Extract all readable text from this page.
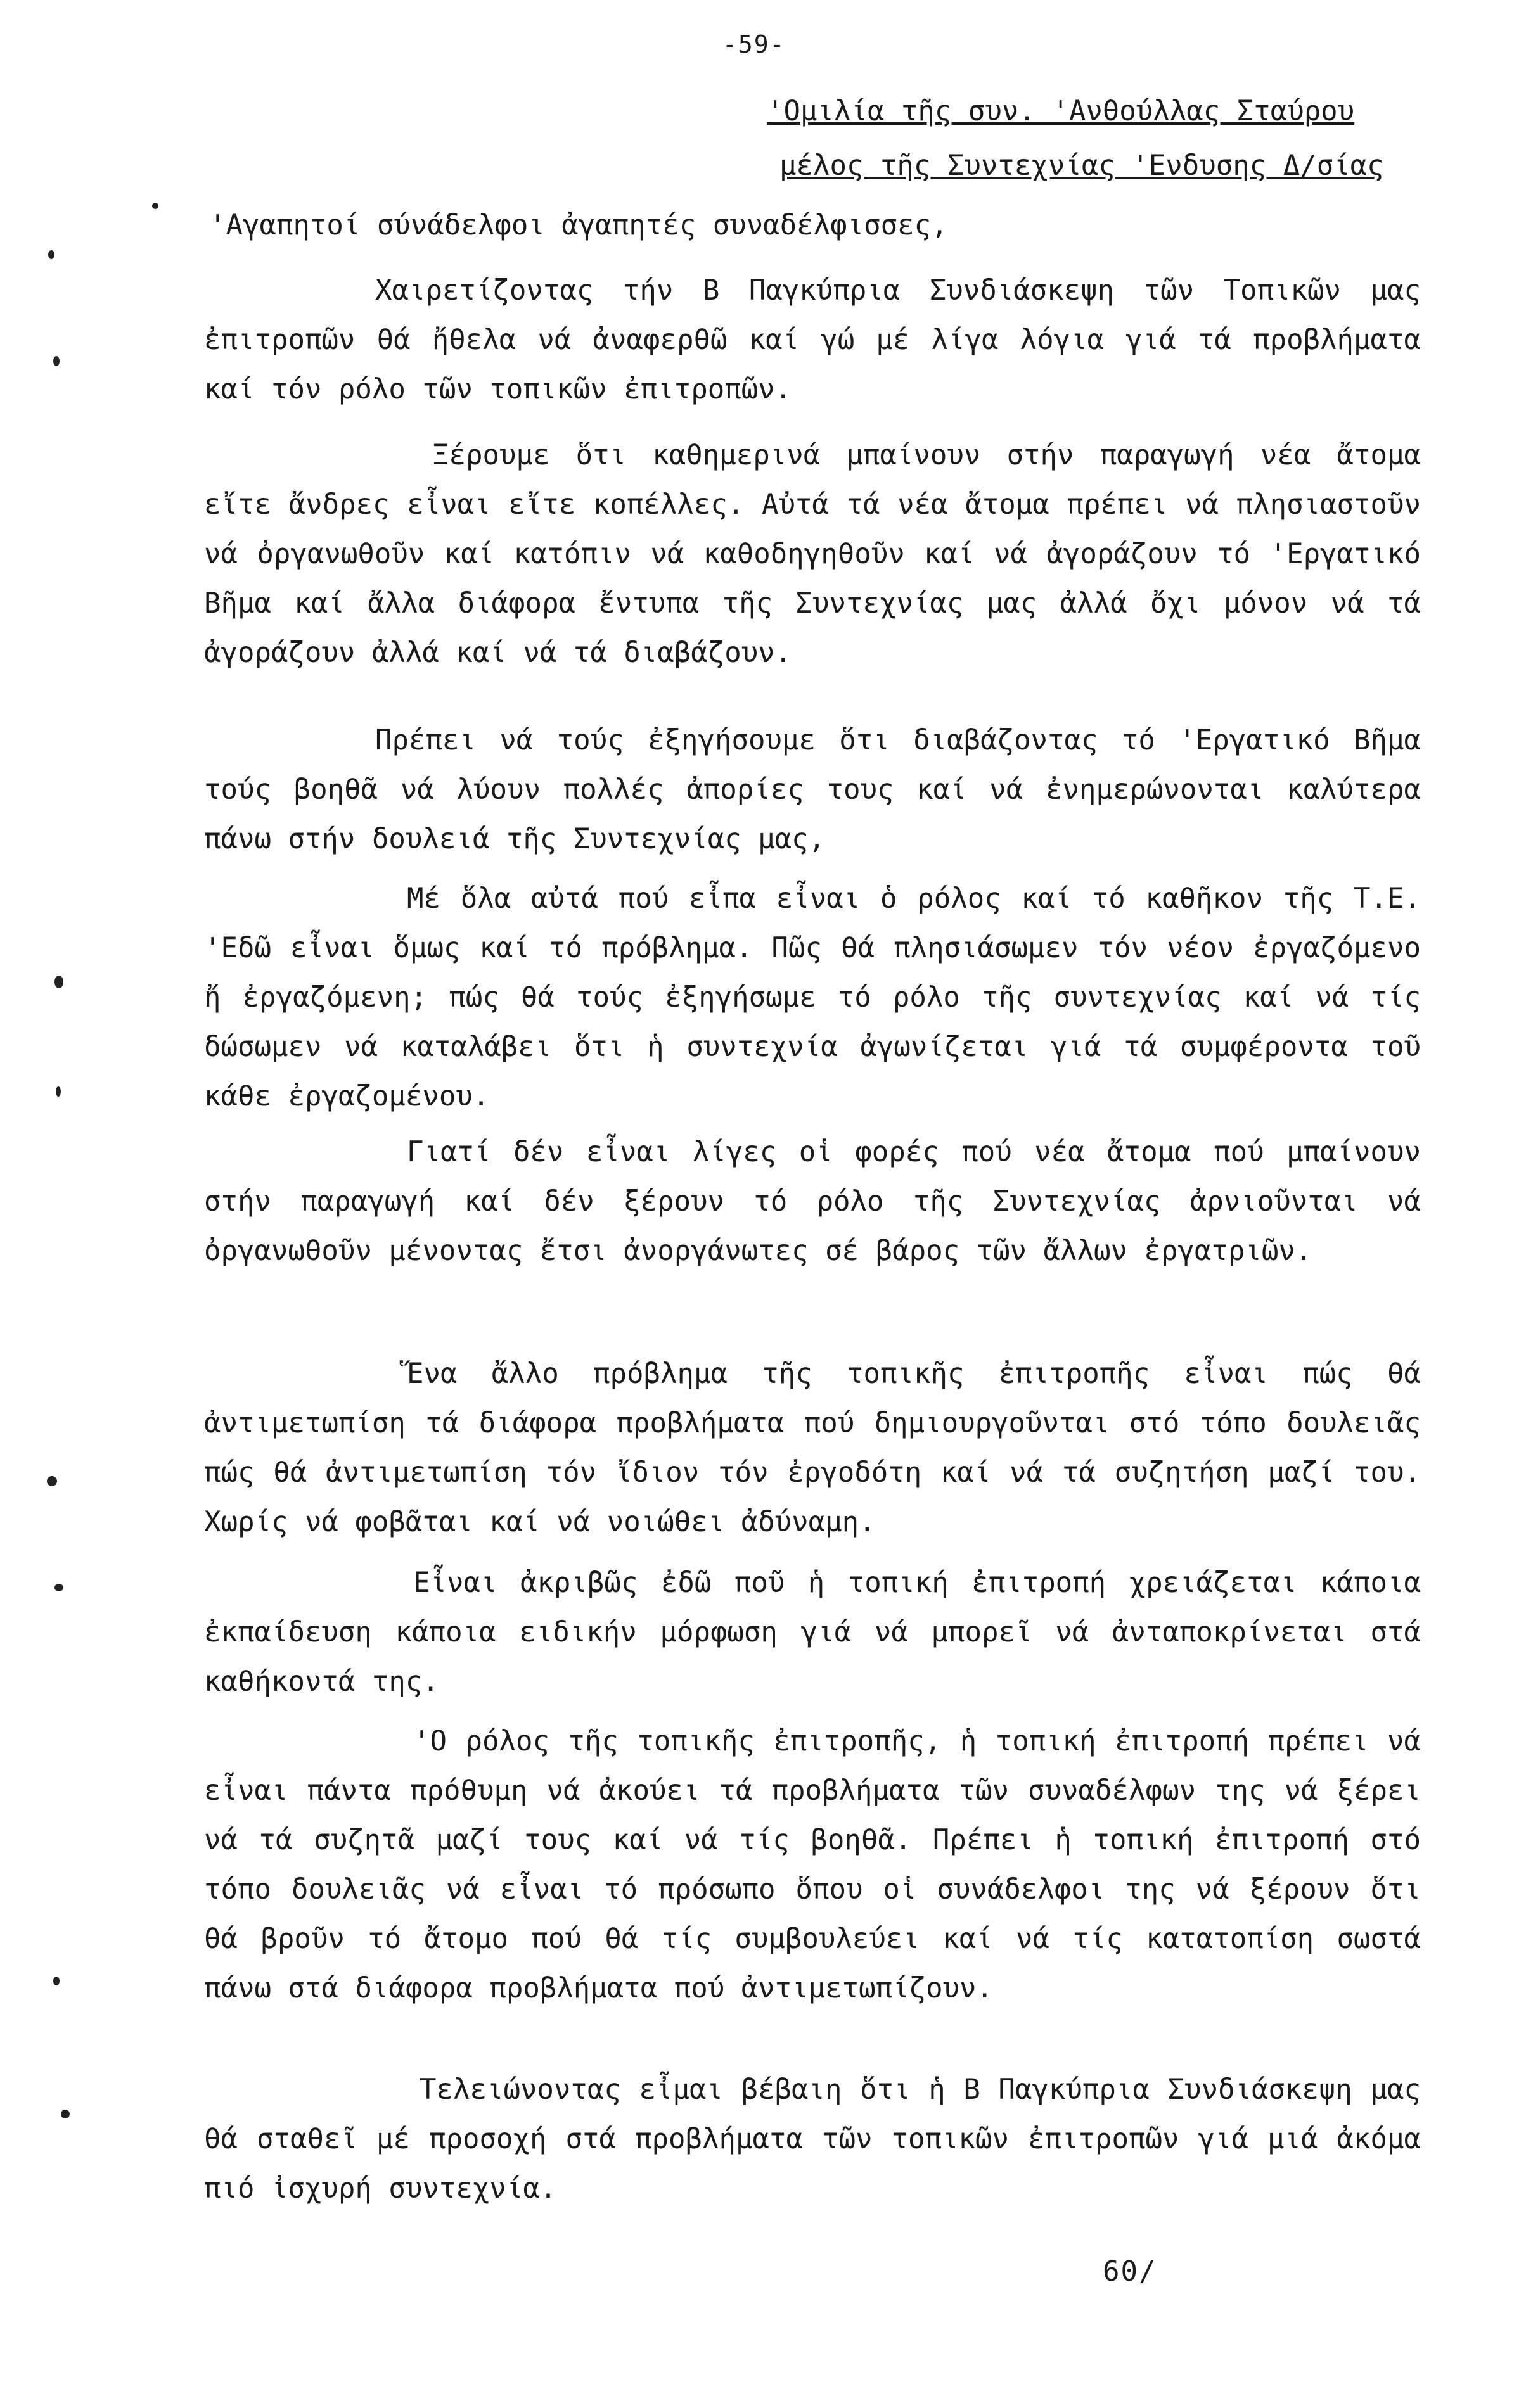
-59-
'Ομιλία τῆς συν. 'Ανθούλλας Σταύρου
μέλος τῆς Συντεχνίας 'Ενδυσης Δ/σίας
'Αγαπητοί σύνάδελφοι ἀγαπητές συναδέλφισσες,

Χαιρετίζοντας τήν Β Παγκύπρια Συνδιάσκεψη τῶν Τοπικῶν μας ἐπιτροπῶν θά ἤθελα νά ἀναφερθῶ καί γώ μέ λίγα λόγια γιά τά προβλήματα καί τόν ρόλο τῶν τοπικῶν ἐπιτροπῶν.

Ξέρουμε ὅτι καθημερινά μπαίνουν στήν παραγωγή νέα ἄτομα εἴτε ἄνδρες εἶναι εἴτε κοπέλλες. Αὐτά τά νέα ἄτομα πρέπει νά πλησιαστοῦν νά ὀργανωθοῦν καί κατόπιν νά καθοδηγηθοῦν καί νά ἀγοράζουν τό 'Εργατικό Βῆμα καί ἄλλα διάφορα ἔντυπα τῆς Συντεχνίας μας ἀλλά ὄχι μόνον νά τά ἀγοράζουν ἀλλά καί νά τά διαβάζουν.

Πρέπει νά τούς ἐξηγήσουμε ὅτι διαβάζοντας τό 'Εργατικό Βῆμα τούς βοηθᾶ νά λύουν πολλές ἀπορίες τους καί νά ἐνημερώνονται καλύτερα πάνω στήν δουλειά τῆς Συντεχνίας μας,

Μέ ὅλα αὐτά πού εἶπα εἶναι ὁ ρόλος καί τό καθῆκον τῆς Τ.Ε. 'Εδῶ εἶναι ὅμως καί τό πρόβλημα. Πῶς θά πλησιάσωμεν τόν νέον ἐργαζόμενο ἤ ἐργαζόμενη; πώς θά τούς ἐξηγήσωμε τό ρόλο τῆς συντεχνίας καί νά τίς δώσωμεν νά καταλάβει ὅτι ἡ συντεχνία ἀγωνίζεται γιά τά συμφέροντα τοῦ κάθε ἐργαζομένου.

Γιατί δέν εἶναι λίγες οἱ φορές πού νέα ἄτομα πού μπαίνουν στήν παραγωγή καί δέν ξέρουν τό ρόλο τῆς Συντεχνίας ἀρνιοῦνται νά ὀργανωθοῦν μένοντας ἔτσι ἀνοργάνωτες σέ βάρος τῶν ἄλλων ἐργατριῶν.

Ἕνα ἄλλο πρόβλημα τῆς τοπικῆς ἐπιτροπῆς εἶναι πώς θά ἀντιμετωπίση τά διάφορα προβλήματα πού δημιουργοῦνται στό τόπο δουλειᾶς πώς θά ἀντιμετωπίση τόν ἴδιον τόν ἐργοδότη καί νά τά συζητήση μαζί του. Χωρίς νά φοβᾶται καί νά νοιώθει ἀδύναμη.

Εἶναι ἀκριβῶς ἐδῶ ποῦ ἡ τοπική ἐπιτροπή χρειάζεται κάποια ἐκπαίδευση κάποια ειδικήν μόρφωση γιά νά μπορεῖ νά ἀνταποκρίνεται στά καθήκοντά της.

'Ο ρόλος τῆς τοπικῆς ἐπιτροπῆς, ἡ τοπική ἐπιτροπή πρέπει νά εἶναι πάντα πρόθυμη νά ἀκούει τά προβλήματα τῶν συναδέλφων της νά ξέρει νά τά συζητᾶ μαζί τους καί νά τίς βοηθᾶ. Πρέπει ἡ τοπική ἐπιτροπή στό τόπο δουλειᾶς νά εἶναι τό πρόσωπο ὅπου οἱ συνάδελφοι της νά ξέρουν ὅτι θά βροῦν τό ἄτομο πού θά τίς συμβουλεύει καί νά τίς κατατοπίση σωστά πάνω στά διάφορα προβλήματα πού ἀντιμετωπίζουν.

Τελειώνοντας εἶμαι βέβαιη ὅτι ἡ Β Παγκύπρια Συνδιάσκεψη μας θά σταθεῖ μέ προσοχή στά προβλήματα τῶν τοπικῶν ἐπιτροπῶν γιά μιά ἀκόμα πιό ἰσχυρή συντεχνία.

60/
